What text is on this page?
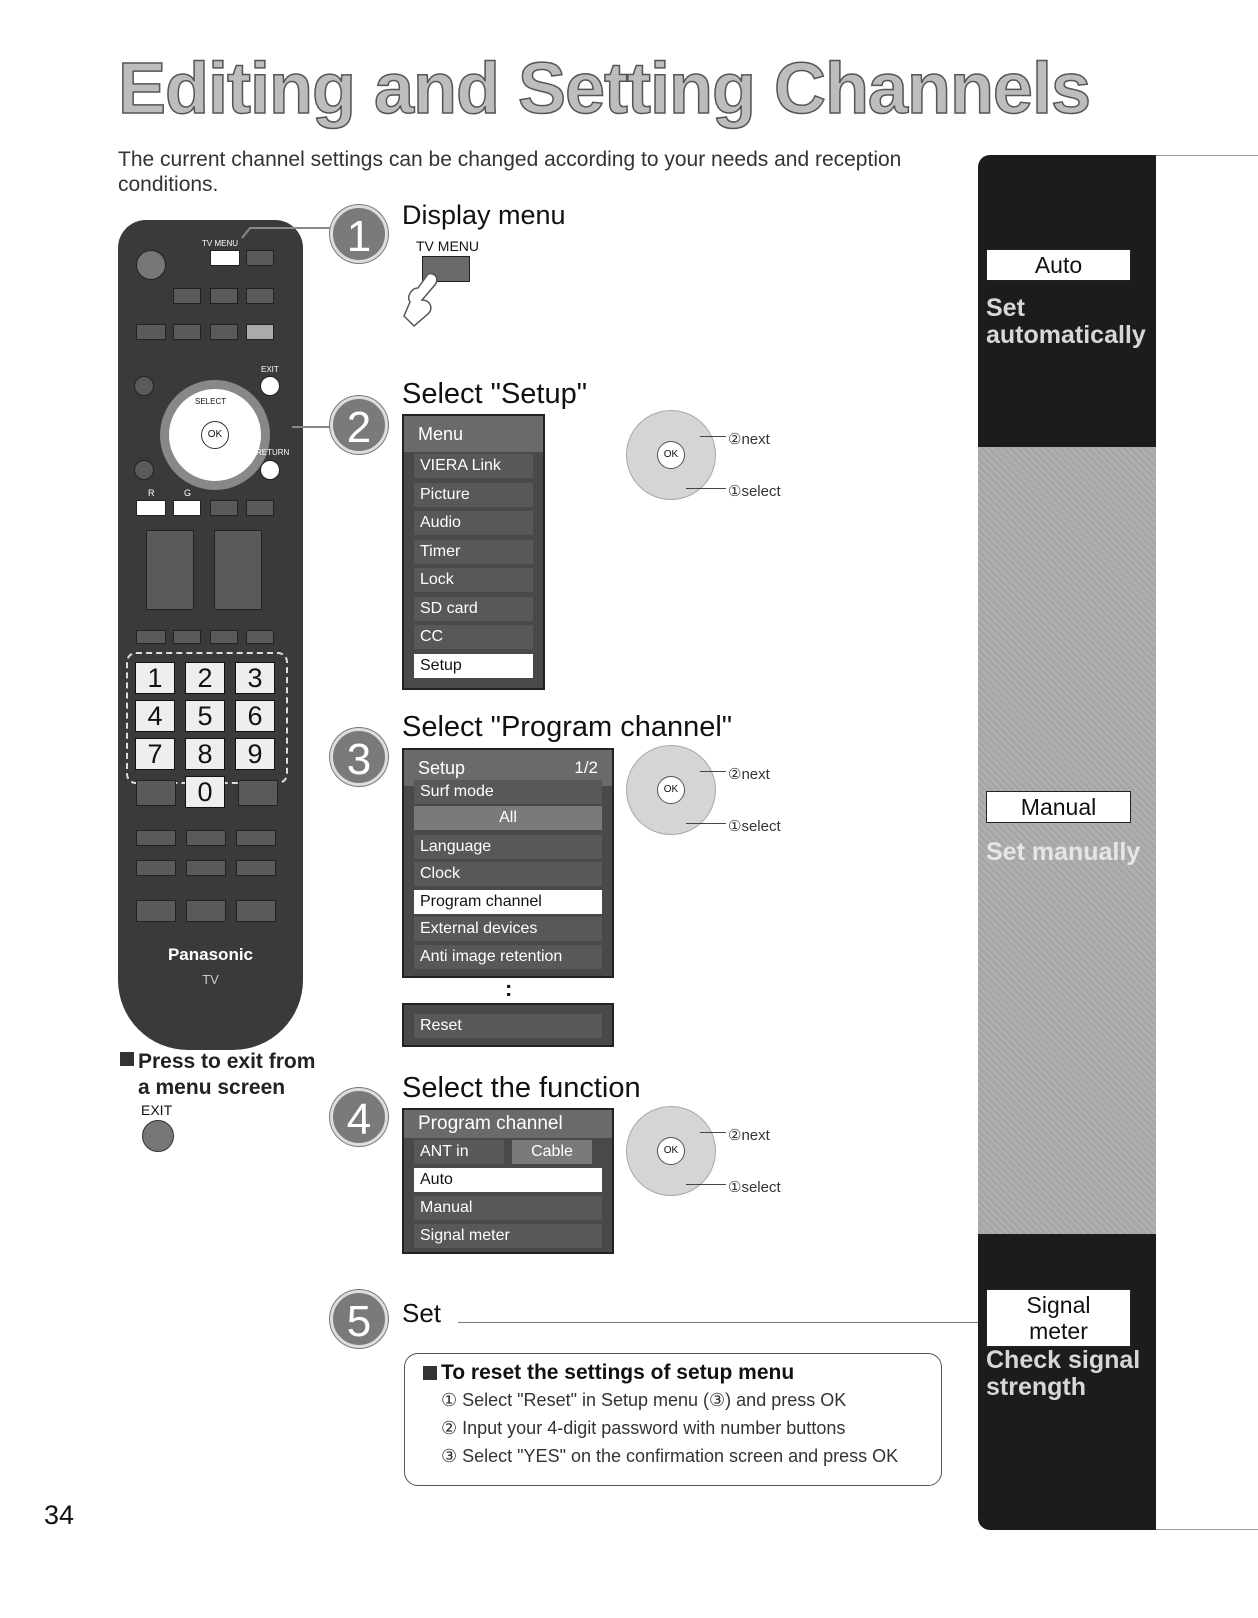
Editing and Setting Channels
The current channel settings can be changed according to your needs and reception conditions.
Auto
Set automatically
Manual
Set manually
Signal meter
Check signal strength
TV MENU
EXIT
SELECT
OK
RETURN
R	G
1	2	3
4	5	6
7	8	9
0
Panasonic
TV
Press to exit from
a menu screen
EXIT
1	Display menu
TV MENU
2
Select "Setup"
Menu
VIERA Link
Picture
Audio
Timer
Lock
SD card
CC
Setup
OK
②next
①select
3
Select "Program channel"
Setup	1/2
Surf mode
All
Language
Clock
Program channel
External devices
Anti image retention
:
Reset
OK
②next
①select
4
Select the function
Program channel
ANT in	Cable
Auto
Manual
Signal meter
OK
②next
①select
5	Set
To reset the settings of setup menu
① Select "Reset" in Setup menu (③) and press OK
② Input your 4-digit password with number buttons
③ Select "YES" on the confirmation screen and press OK
34
